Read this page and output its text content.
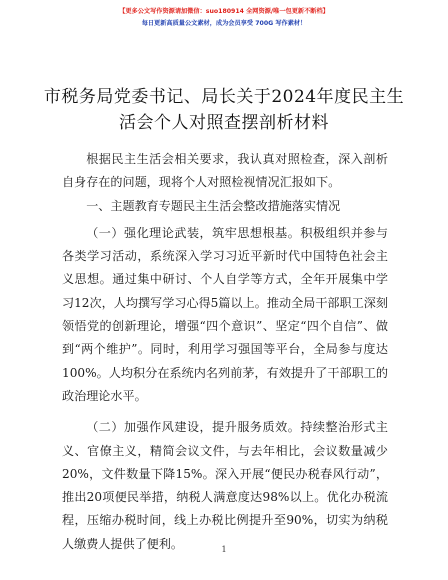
【更多公文写作资源请加微信：suo180914 全网资源/唯一包更新不断档】
每日更新高质量公文素材，成为会员享受 700G 写作素材！
市税务局党委书记、局长关于2024年度民主生
活会个人对照查摆剖析材料

根据民主生活会相关要求，我认真对照检查，深入剖析自身存在的问题，现将个人对照检视情况汇报如下。

一、主题教育专题民主生活会整改措施落实情况

（一）强化理论武装，筑牢思想根基。积极组织并参与各类学习活动，系统深入学习习近平新时代中国特色社会主义思想。通过集中研讨、个人自学等方式，全年开展集中学习12次，人均撰写学习心得5篇以上。推动全局干部职工深刻领悟党的创新理论，增强“四个意识”、坚定“四个自信”、做到“两个维护”。同时，利用学习强国等平台，全局参与度达100%。人均积分在系统内名列前茅，有效提升了干部职工的政治理论水平。

（二）加强作风建设，提升服务质效。持续整治形式主义、官僚主义，精简会议文件，与去年相比，会议数量减少20%，文件数量下降15%。深入开展“便民办税春风行动”，推出20项便民举措，纳税人满意度达98%以上。优化办税流程，压缩办税时间，线上办税比例提升至90%，切实为纳税人缴费人提供了便利。	1
